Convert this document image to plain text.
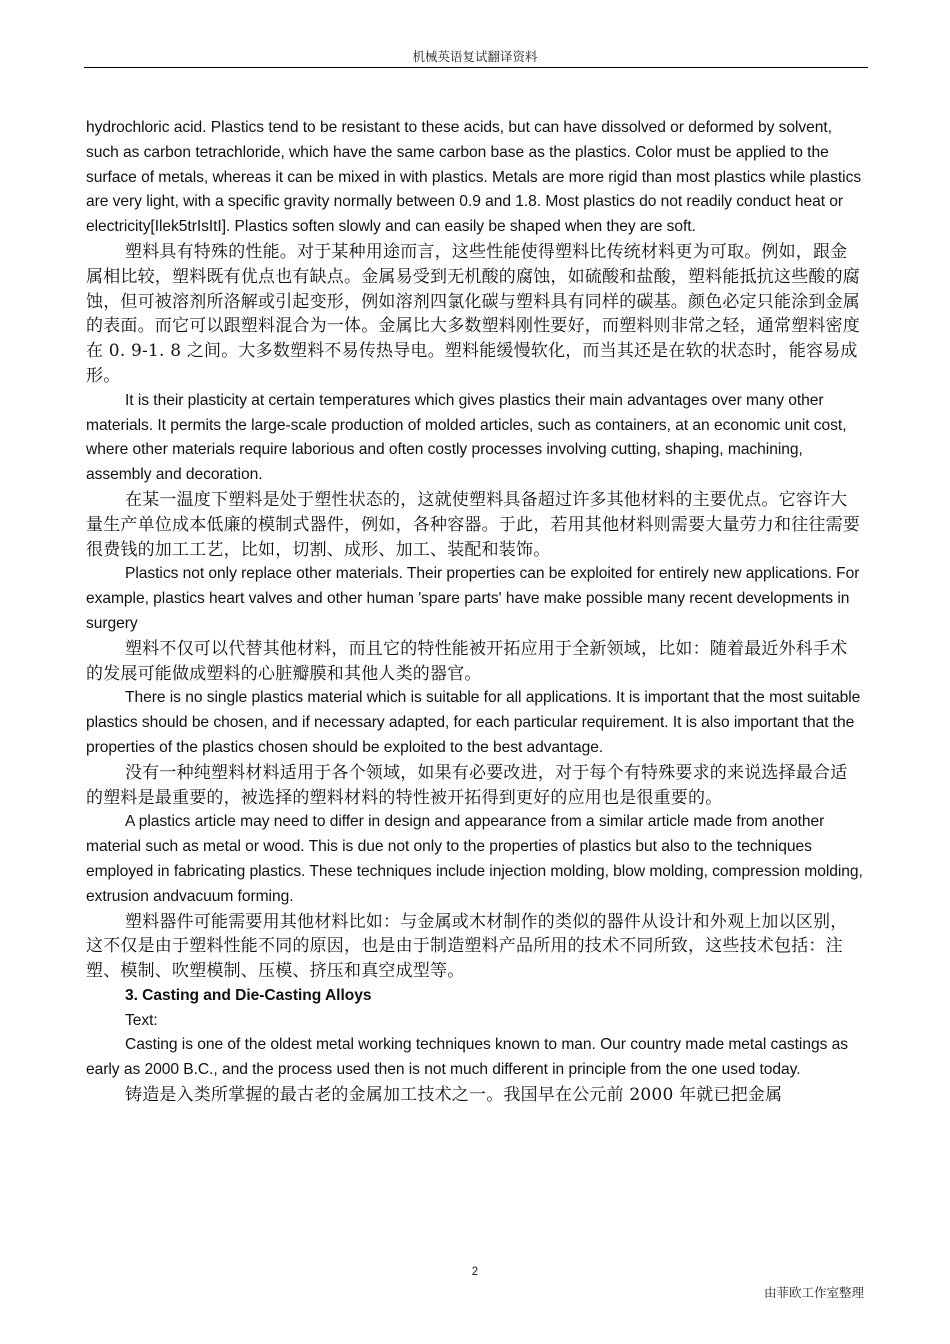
机械英语复试翻译资料

hydrochloric acid. Plastics tend to be resistant to these acids, but can have dissolved or deformed by solvent, such as carbon tetrachloride, which have the same carbon base as the plastics. Color must be applied to the surface of metals, whereas it can be mixed in with plastics. Metals are more rigid than most plastics while plastics are very light, with a specific gravity normally between 0.9 and 1.8. Most plastics do not readily conduct heat or electricity[Ilek5trIsItI]. Plastics soften slowly and can easily be shaped when they are soft.

塑料具有特殊的性能。对于某种用途而言，这些性能使得塑料比传统材料更为可取。例如，跟金属相比较，塑料既有优点也有缺点。金属易受到无机酸的腐蚀，如硫酸和盐酸，塑料能抵抗这些酸的腐蚀，但可被溶剂所洛解或引起变形，例如溶剂四氯化碳与塑料具有同样的碳基。颜色必定只能涂到金属的表面。而它可以跟塑料混合为一体。金属比大多数塑料刚性要好，而塑料则非常之轻，通常塑料密度在 0. 9-1. 8 之间。大多数塑料不易传热导电。塑料能缓慢软化，而当其还是在软的状态时，能容易成形。

It is their plasticity at certain temperatures which gives plastics their main advantages over many other materials. It permits the large-scale production of molded articles, such as containers, at an economic unit cost, where other materials require laborious and often costly processes involving cutting, shaping, machining, assembly and decoration.

在某一温度下塑料是处于塑性状态的，这就使塑料具备超过许多其他材料的主要优点。它容许大量生产单位成本低廉的模制式器件，例如，各种容器。于此，若用其他材料则需要大量劳力和往往需要很费钱的加工工艺，比如，切割、成形、加工、装配和装饰。

Plastics not only replace other materials. Their properties can be exploited for entirely new applications. For example, plastics heart valves and other human 'spare parts' have make possible many recent developments in surgery

塑料不仅可以代替其他材料，而且它的特性能被开拓应用于全新领域，比如：随着最近外科手术的发展可能做成塑料的心脏瓣膜和其他人类的器官。

There is no single plastics material which is suitable for all applications. It is important that the most suitable plastics should be chosen, and if necessary adapted, for each particular requirement. It is also important that the properties of the plastics chosen should be exploited to the best advantage.

没有一种纯塑料材料适用于各个领域，如果有必要改进，对于每个有特殊要求的来说选择最合适的塑料是最重要的，被选择的塑料材料的特性被开拓得到更好的应用也是很重要的。

A plastics article may need to differ in design and appearance from a similar article made from another material such as metal or wood. This is due not only to the properties of plastics but also to the techniques employed in fabricating plastics. These techniques include injection molding, blow molding, compression molding, extrusion andvacuum forming.

塑料器件可能需要用其他材料比如：与金属或木材制作的类似的器件从设计和外观上加以区别，这不仅是由于塑料性能不同的原因，也是由于制造塑料产品所用的技术不同所致，这些技术包括：注塑、模制、吹塑模制、压模、挤压和真空成型等。

3. Casting and Die-Casting Alloys

Text:

Casting is one of the oldest metal working techniques known to man. Our country made metal castings as early as 2000 B.C., and the process used then is not much different in principle from the one used today.

铸造是入类所掌握的最古老的金属加工技术之一。我国早在公元前 2000 年就已把金属

2
由菲欧工作室整理
